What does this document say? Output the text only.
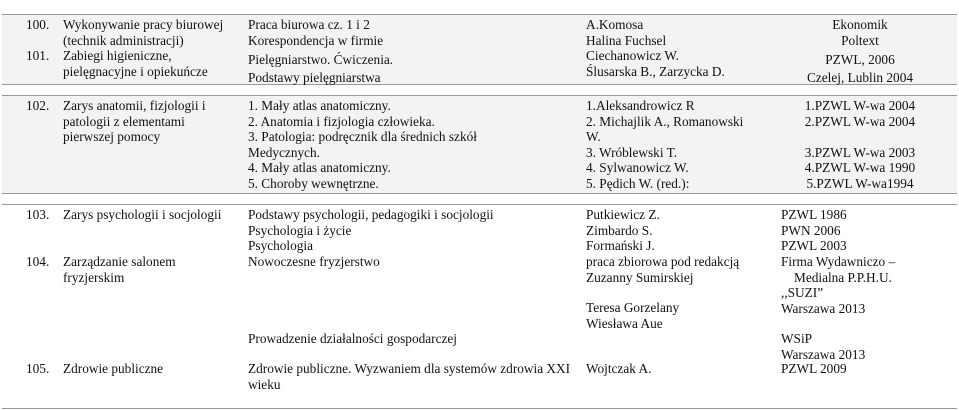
100.
101.
Wykonywanie pracy biurowej
(technik administracji)
Zabiegi higieniczne,
pielęgnacyjne i opiekuńcze
Praca biurowa cz. 1 i 2
Korespondencja w firmie
Pielęgniarstwo. Ćwiczenia.
Podstawy pielęgniarstwa
A.Komosa
Halina Fuchsel
Ciechanowicz W.
Ślusarska B., Zarzycka D.
Ekonomik
Poltext
PZWL, 2006
Czelej, Lublin 2004
102. Zarys anatomii, fizjologii i
patologii z elementami
pierwszej pomocy
1. Mały atlas anatomiczny.
2. Anatomia i fizjologia człowieka.
3. Patologia: podręcznik dla średnich szkół
Medycznych.
4. Mały atlas anatomiczny.
5. Choroby wewnętrzne.
1.Aleksandrowicz R
2. Michajlik A., Romanowski
W.
3. Wróblewski T.
4. Sylwanowicz W.
5. Pędich W. (red.):
1.PZWL W-wa 2004
2.PZWL W-wa 2004
3.PZWL W-wa 2003
4.PZWL W-wa 1990
5.PZWL W-wa1994
103. Zarys psychologii i socjologii Podstawy psychologii, pedagogiki i socjologii
Psychologia i życie
Psychologia
Putkiewicz Z.
Zimbardo S.
Formański J.
PZWL 1986
PWN 2006
PZWL 2003
104. Zarządzanie salonem
fryzjerskim
Nowoczesne fryzjerstwo
Prowadzenie działalności gospodarczej
praca zbiorowa pod redakcją
Zuzanny Sumirskiej
Teresa Gorzelany
Wiesława Aue
Firma Wydawniczo –
Medialna P.P.H.U.
,,SUZI”
Warszawa 2013
WSiP
Warszawa 2013
105. Zdrowie publiczne	Zdrowie publiczne. Wyzwaniem dla systemów zdrowia XXI
wieku
Wojtczak A.	PZWL 2009
